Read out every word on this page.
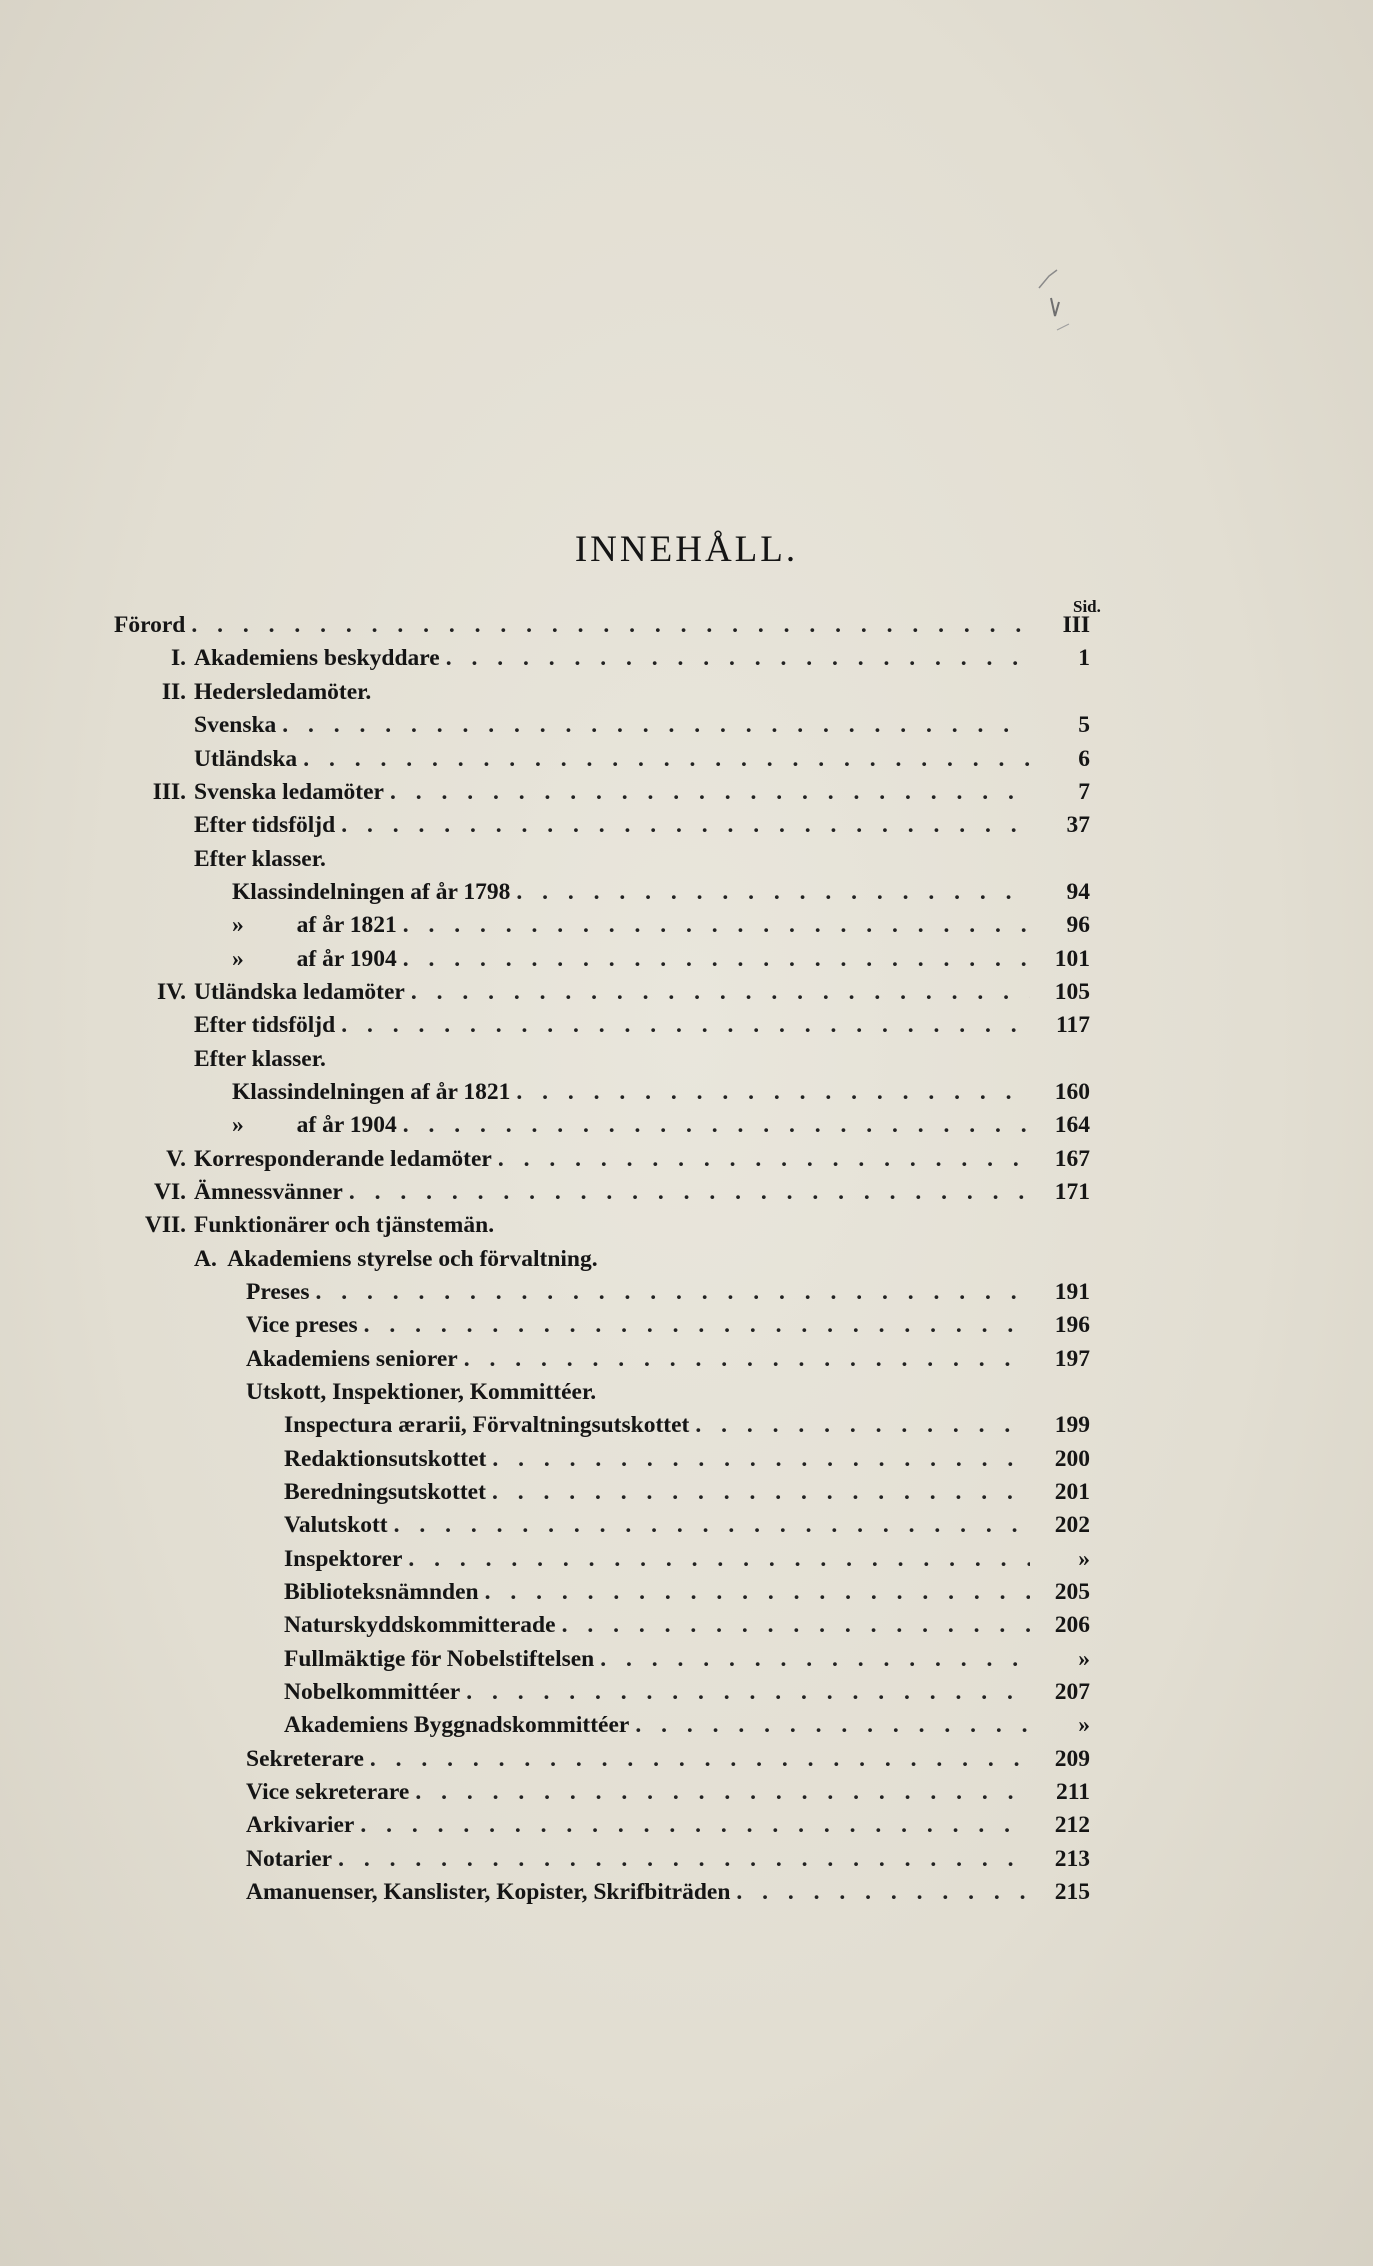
INNEHÅLL.
Sid.
Förord . . .	III
I. Akademiens beskyddare . . .	1
II. Hedersledamöter.
Svenska . . .	5
Utländska . . .	6
III. Svenska ledamöter . . .	7
Efter tidsföljd . . .	37
Efter klasser.
Klassindelningen af år 1798 . . .	94
»         af år 1821 . . .	96
»         af år 1904 . . .	101
IV. Utländska ledamöter . . .	105
Efter tidsföljd . . .	117
Efter klasser.
Klassindelningen af år 1821 . . .	160
»         af år 1904 . . .	164
V. Korresponderande ledamöter . . .	167
VI. Ämnessvänner . . .	171
VII. Funktionärer och tjänstemän.
A.  Akademiens styrelse och förvaltning.
Preses . . .	191
Vice preses . . .	196
Akademiens seniorer . . .	197
Utskott, Inspektioner, Kommittéer.
Inspectura ærarii, Förvaltningsutskottet . . .	199
Redaktionsutskottet . . .	200
Beredningsutskottet . . .	201
Valutskott . . .	202
Inspektorer . . .	»
Biblioteksnämnden . . .	205
Naturskyddskommitterade . . .	206
Fullmäktige för Nobelstiftelsen . . .	»
Nobelkommittéer . . .	207
Akademiens Byggnadskommittéer . . .	»
Sekreterare . . .	209
Vice sekreterare . . .	211
Arkivarier . . .	212
Notarier . . .	213
Amanuenser, Kanslister, Kopister, Skrifbiträden . . .	215
